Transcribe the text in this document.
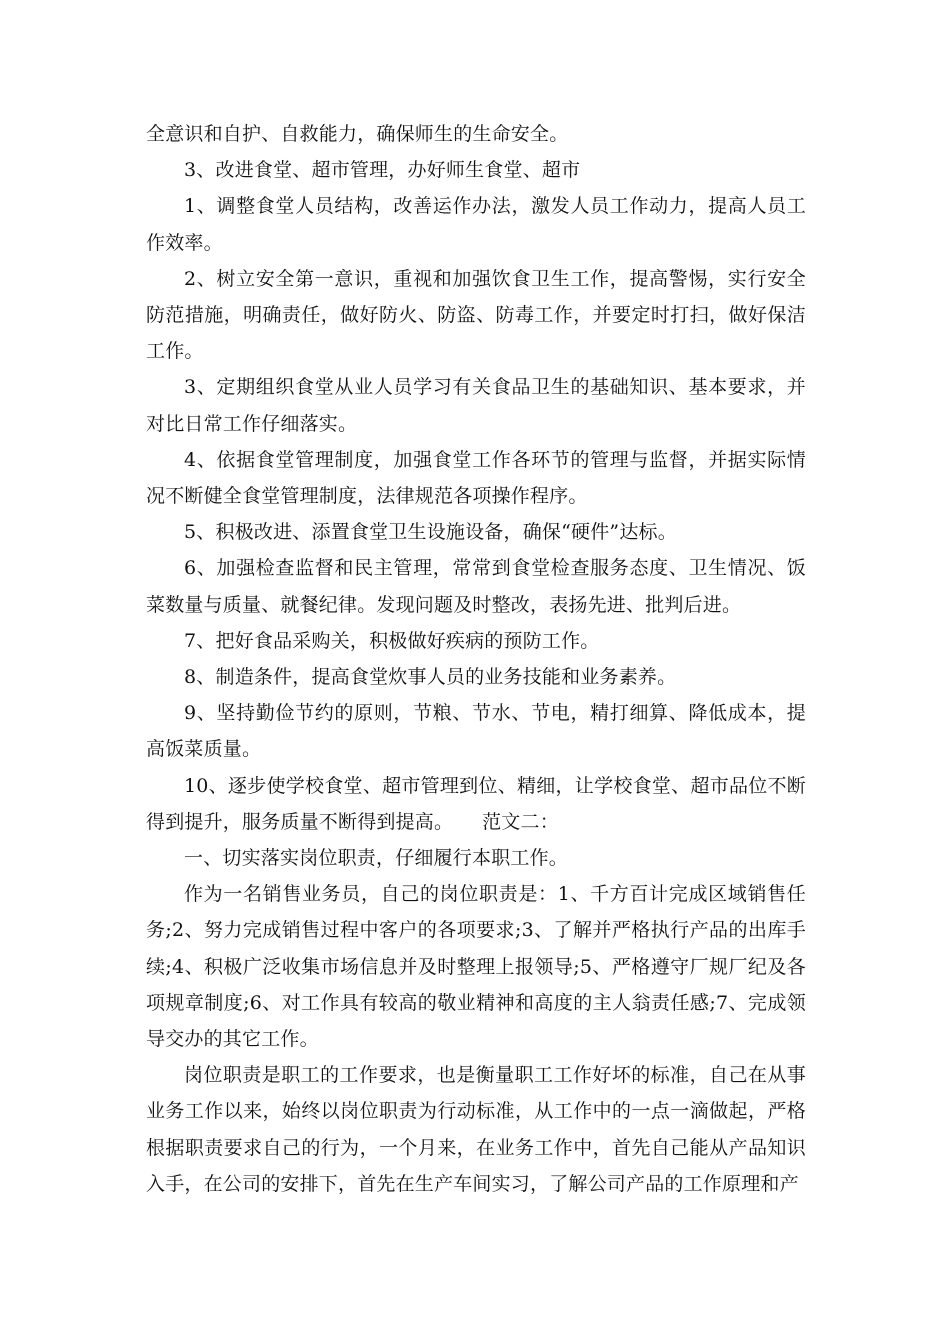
全意识和自护、自救能力，确保师生的生命安全。

3、改进食堂、超市管理，办好师生食堂、超市

1、调整食堂人员结构，改善运作办法，激发人员工作动力，提高人员工作效率。

2、树立安全第一意识，重视和加强饮食卫生工作，提高警惕，实行安全防范措施，明确责任，做好防火、防盗、防毒工作，并要定时打扫，做好保洁工作。

3、定期组织食堂从业人员学习有关食品卫生的基础知识、基本要求，并对比日常工作仔细落实。

4、依据食堂管理制度，加强食堂工作各环节的管理与监督，并据实际情况不断健全食堂管理制度，法律规范各项操作程序。

5、积极改进、添置食堂卫生设施设备，确保“硬件”达标。

6、加强检查监督和民主管理，常常到食堂检查服务态度、卫生情况、饭菜数量与质量、就餐纪律。发现问题及时整改，表扬先进、批判后进。

7、把好食品采购关，积极做好疾病的预防工作。

8、制造条件，提高食堂炊事人员的业务技能和业务素养。

9、坚持勤俭节约的原则，节粮、节水、节电，精打细算、降低成本，提高饭菜质量。

10、逐步使学校食堂、超市管理到位、精细，让学校食堂、超市品位不断得到提升，服务质量不断得到提高。　　范文二：

一、切实落实岗位职责，仔细履行本职工作。

作为一名销售业务员，自己的岗位职责是：1、千方百计完成区域销售任务;2、努力完成销售过程中客户的各项要求;3、了解并严格执行产品的出库手续;4、积极广泛收集市场信息并及时整理上报领导;5、严格遵守厂规厂纪及各项规章制度;6、对工作具有较高的敬业精神和高度的主人翁责任感;7、完成领导交办的其它工作。

岗位职责是职工的工作要求，也是衡量职工工作好坏的标准，自己在从事业务工作以来，始终以岗位职责为行动标准，从工作中的一点一滴做起，严格根据职责要求自己的行为，一个月来，在业务工作中，首先自己能从产品知识入手，在公司的安排下，首先在生产车间实习，了解公司产品的工作原理和产
